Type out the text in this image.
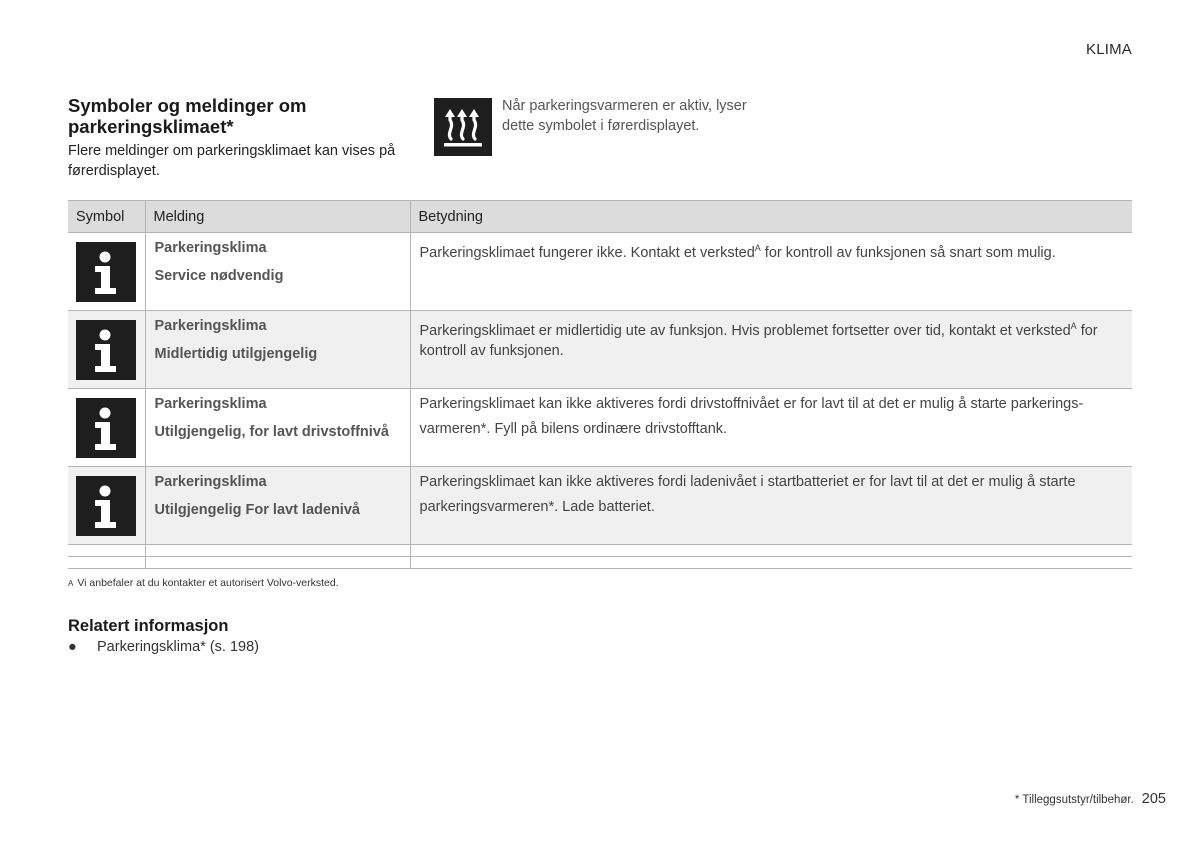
KLIMA
Symboler og meldinger om parkeringsklimaet*

Flere meldinger om parkeringsklimaet kan vises på førerdisplayet.

Når parkeringsvarmeren er aktiv, lyser dette symbolet i førerdisplayet.

Symbol	Melding	Betydning

Parkeringsklima
Service nødvendig	Parkeringsklimaet fungerer ikke. Kontakt et verksted$^A$ for kontroll av funksjonen så snart som mulig.

Parkeringsklima
Midlertidig utilgjengelig	Parkeringsklimaet er midlertidig ute av funksjon. Hvis problemet fortsetter over tid, kontakt et verksted$^A$ for kontroll av funksjonen.

Parkeringsklima
Utilgjengelig, for lavt drivstoffnivå	Parkeringsklimaet kan ikke aktiveres fordi drivstoffnivået er for lavt til at det er mulig å starte parkerings-varmeren*. Fyll på bilens ordinære drivstofftank.

Parkeringsklima
Utilgjengelig For lavt ladenivå	Parkeringsklimaet kan ikke aktiveres fordi ladenivået i startbatteriet er for lavt til at det er mulig å starte parkeringsvarmeren*. Lade batteriet.

A Vi anbefaler at du kontakter et autorisert Volvo-verksted.
Relatert informasjon
● Parkeringsklima* (s. 198)
* Tilleggsutstyr/tilbehør. 205
